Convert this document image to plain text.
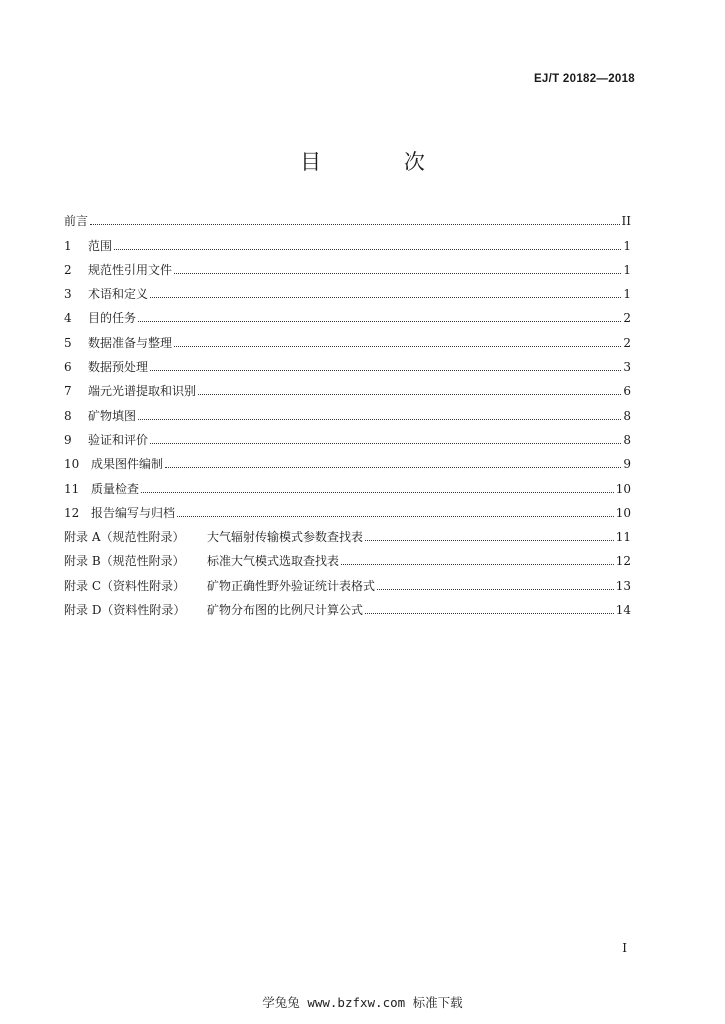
EJ/T 20182—2018
目 次
前言	II
1	范围	1
2	规范性引用文件	1
3	术语和定义	1
4	目的任务	2
5	数据准备与整理	2
6	数据预处理	3
7	端元光谱提取和识别	6
8	矿物填图	8
9	验证和评价	8
10 成果图件编制	9
11 质量检查	10
12 报告编写与归档	10
附录 A（规范性附录）	大气辐射传输模式参数查找表	11
附录 B（规范性附录）	标准大气模式选取查找表	12
附录 C（资料性附录）	矿物正确性野外验证统计表格式	13
附录 D（资料性附录）	矿物分布图的比例尺计算公式	14
I
学兔兔 www.bzfxw.com 标准下载
